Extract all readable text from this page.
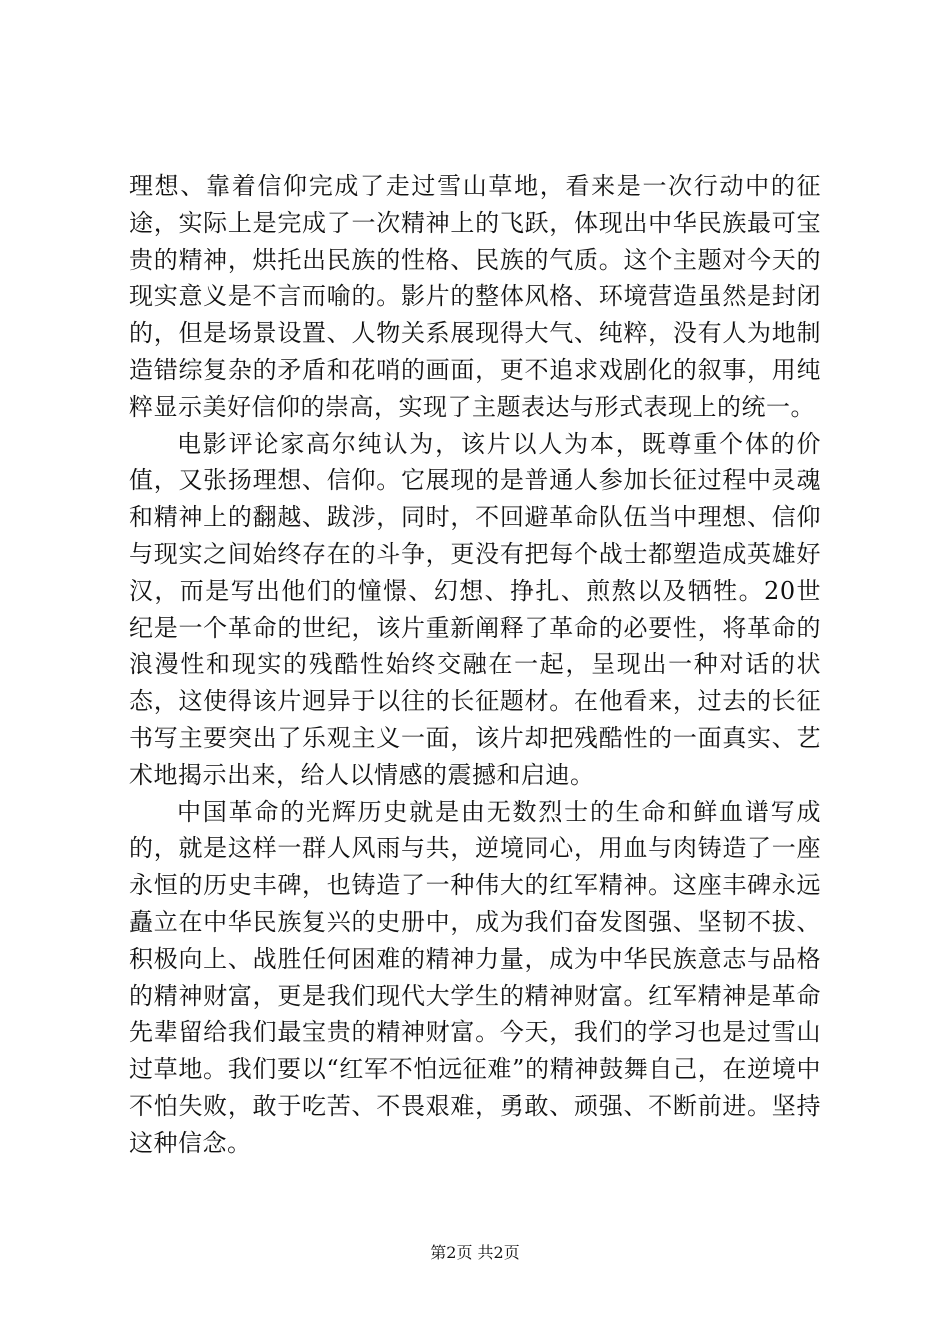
理想、靠着信仰完成了走过雪山草地，看来是一次行动中的征途，实际上是完成了一次精神上的飞跃，体现出中华民族最可宝贵的精神，烘托出民族的性格、民族的气质。这个主题对今天的现实意义是不言而喻的。影片的整体风格、环境营造虽然是封闭的，但是场景设置、人物关系展现得大气、纯粹，没有人为地制造错综复杂的矛盾和花哨的画面，更不追求戏剧化的叙事，用纯粹显示美好信仰的崇高，实现了主题表达与形式表现上的统一。

电影评论家高尔纯认为，该片以人为本，既尊重个体的价值，又张扬理想、信仰。它展现的是普通人参加长征过程中灵魂和精神上的翻越、跋涉，同时，不回避革命队伍当中理想、信仰与现实之间始终存在的斗争，更没有把每个战士都塑造成英雄好汉，而是写出他们的憧憬、幻想、挣扎、煎熬以及牺牲。20世纪是一个革命的世纪，该片重新阐释了革命的必要性，将革命的浪漫性和现实的残酷性始终交融在一起，呈现出一种对话的状态，这使得该片迥异于以往的长征题材。在他看来，过去的长征书写主要突出了乐观主义一面，该片却把残酷性的一面真实、艺术地揭示出来，给人以情感的震撼和启迪。

中国革命的光辉历史就是由无数烈士的生命和鲜血谱写成的，就是这样一群人风雨与共，逆境同心，用血与肉铸造了一座永恒的历史丰碑，也铸造了一种伟大的红军精神。这座丰碑永远矗立在中华民族复兴的史册中，成为我们奋发图强、坚韧不拔、积极向上、战胜任何困难的精神力量，成为中华民族意志与品格的精神财富，更是我们现代大学生的精神财富。红军精神是革命先辈留给我们最宝贵的精神财富。今天，我们的学习也是过雪山过草地。我们要以“红军不怕远征难”的精神鼓舞自己，在逆境中不怕失败，敢于吃苦、不畏艰难，勇敢、顽强、不断前进。坚持这种信念。

第2页 共2页
